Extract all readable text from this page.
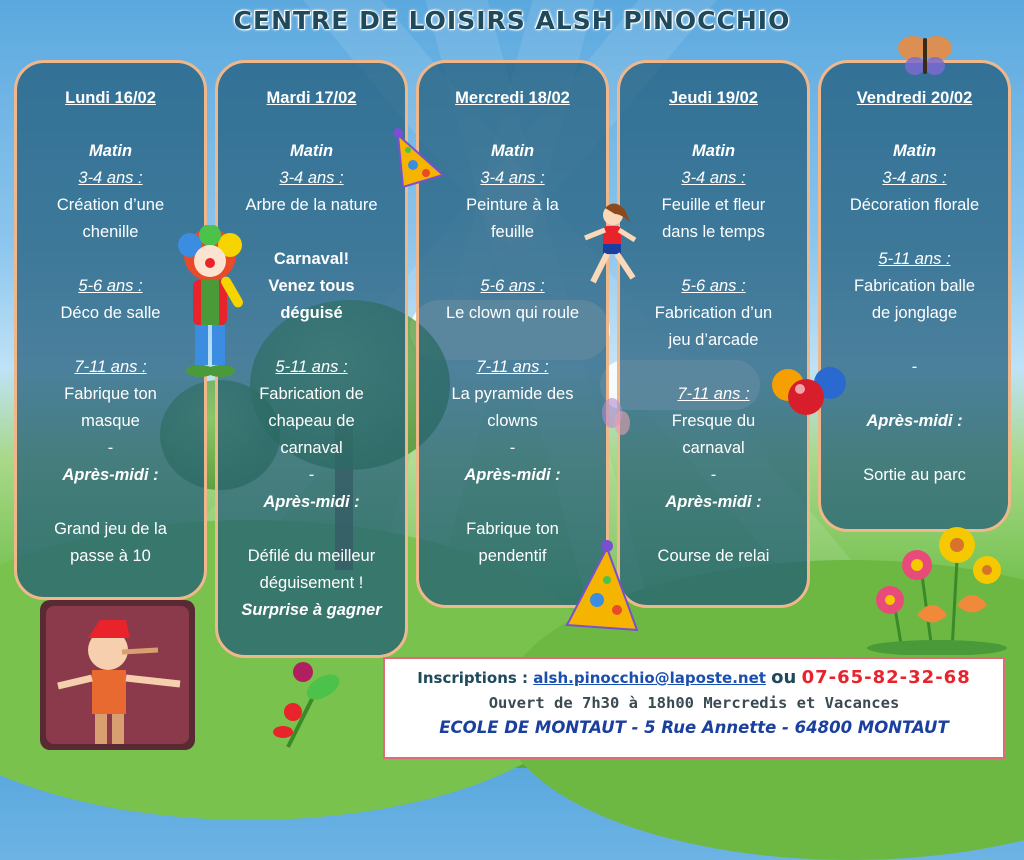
CENTRE DE LOISIRS ALSH PINOCCHIO
Lundi 16/02
Matin
3-4 ans :
Création d’une
chenille
5-6 ans :
Déco de salle
7-11 ans :
Fabrique ton
masque
-
Après-midi :
Grand jeu de la
passe à 10
Mardi 17/02
Matin
3-4 ans :
Arbre de la nature
Carnaval!
Venez tous
déguisé
5-11 ans :
Fabrication de
chapeau de
carnaval
-
Après-midi :
Défilé du meilleur
déguisement !
Surprise à gagner
Mercredi 18/02
Matin
3-4 ans :
Peinture à la
feuille
5-6 ans :
Le clown qui roule
7-11 ans :
La pyramide des
clowns
-
Après-midi :
Fabrique ton
pendentif
Jeudi 19/02
Matin
3-4 ans :
Feuille et fleur
dans le temps
5-6 ans :
Fabrication d’un
jeu d’arcade
7-11 ans :
Fresque du
carnaval
-
Après-midi :
Course de relai
Vendredi 20/02
Matin
3-4 ans :
Décoration florale
5-11 ans :
Fabrication balle
de jonglage
-
Après-midi :
Sortie au parc
Inscriptions : alsh.pinocchio@laposte.net ou 07-65-82-32-68
Ouvert de 7h30 à 18h00 Mercredis et Vacances
ECOLE DE MONTAUT - 5 Rue Annette - 64800 MONTAUT
